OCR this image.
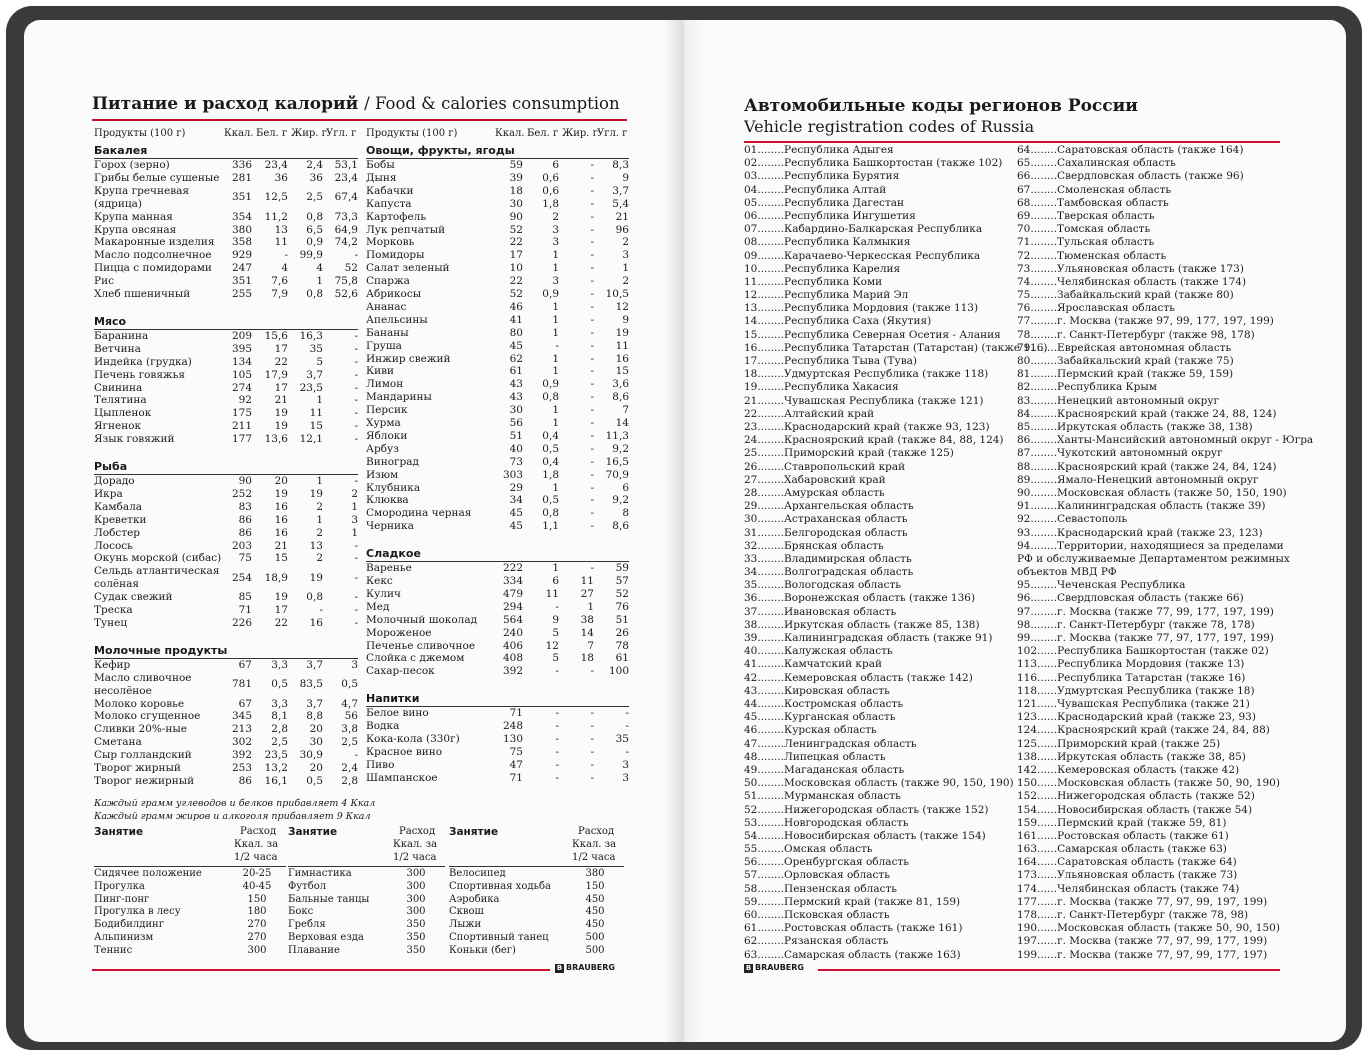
Питание и расход калорий / Food & calories consumption
Продукты (100 г)	Ккал. Бел. г Жир. г Угл. г
Бакалея
Горох (зерно)	336 23,4 2,4 53,1
Грибы белые сушеные 281 36 36 23,4
Крупа гречневая
(ядрица)
351 12,5 2,5 67,4
Крупа манная	354 11,2 0,8 73,3
Крупа овсяная	380 13 6,5 64,9
Макаронные изделия 358 11 0,9 74,2
Масло подсолнечное 929	- 99,9	-
Пицца с помидорами 247	4	4 52
Рис	351 7,6	1 75,8
Хлеб пшеничный	255 7,9 0,8 52,6
Мясо
Баранина	209 15,6 16,3	-
Ветчина	395 17 35	-
Индейка (грудка)	134 22	5	-
Печень говяжья	105 17,9 3,7	-
Свинина	274 17 23,5	-
Телятина	92 21	1	-
Цыпленок	175 19 11	-
Ягненок	211 19 15	-
Язык говяжий	177 13,6 12,1	-
Рыба
Дорадо	90 20	1	-
Икра	252 19 19	2
Камбала	83 16	2	1
Креветки	86 16	1	3
Лобстер	86 16	2	1
Лосось	203 21 13	-
Окунь морской (сибас) 75 15	2	-
Сельдь атлантическая
солёная
254 18,9 19	-
Судак свежий	85 19 0,8	-
Треска	71 17	-	-
Тунец	226 22 16	-
Молочные продукты
Кефир	67 3,3 3,7	3
Масло сливочное
несолёное
781 0,5 83,5 0,5
Молоко коровье	67 3,3 3,7 4,7
Молоко сгущенное	345 8,1 8,8 56
Сливки 20%-ные	213 2,8 20 3,8
Сметана	302 2,5 30 2,5
Сыр голландский	392 23,5 30,9	-
Творог жирный	253 13,2 20 2,4
Творог нежирный	86 16,1 0,5 2,8
Продукты (100 г)	Ккал. Бел. г Жир. г Угл. г
Овощи, фрукты, ягоды
Бобы	59	6	- 8,3
Дыня	39 0,6	-	9
Кабачки	18 0,6	- 3,7
Капуста	30 1,8	- 5,4
Картофель	90	2	- 21
Лук репчатый	52	3	- 96
Морковь	22	3	-	2
Помидоры	17	1	-	3
Салат зеленый	10	1	-	1
Спаржа	22	3	-	2
Абрикосы	52 0,9	- 10,5
Ананас	46	1	- 12
Апельсины	41	1	-	9
Бананы	80	1	- 19
Груша	45	-	- 11
Инжир свежий	62	1	- 16
Киви	61	1	- 15
Лимон	43 0,9	- 3,6
Мандарины	43 0,8	- 8,6
Персик	30	1	-	7
Хурма	56	1	- 14
Яблоки	51 0,4	- 11,3
Арбуз	40 0,5	- 9,2
Виноград	73 0,4	- 16,5
Изюм	303 1,8	- 70,9
Клубника	29	1	-	6
Клюква	34 0,5	- 9,2
Смородина черная	45 0,8	-	8
Черника	45 1,1	- 8,6
Сладкое
Варенье	222	1	- 59
Кекс	334	6 11 57
Кулич	479 11 27 52
Мед	294	-	1 76
Молочный шоколад 564	9 38 51
Мороженое	240	5 14 26
Печенье сливочное	406 12	7 78
Слойка с джемом	408	5 18 61
Сахар-песок	392	-	- 100
Напитки
Белое вино	71	-	-	-
Водка	248	-	-	-
Кока-кола (330г)	130	-	- 35
Красное вино	75	-	-	-
Пиво	47	-	-	3
Шампанское	71	-	-	3
Каждый грамм углеводов и белков прибавляет 4 Ккал
Каждый грамм жиров и алкоголя прибавляет 9 Ккал
Занятие	Расход
Ккал. за
1/2 часа
Сидячее положение	20-25
Прогулка	40-45
Пинг-понг	150
Прогулка в лесу	180
Бодибилдинг	270
Альпинизм	270
Теннис	300
Занятие	Расход
Ккал. за
1/2 часа
Гимнастика	300
Футбол	300
Бальные танцы	300
Бокс	300
Гребля	350
Верховая езда	350
Плавание	350
Занятие	Расход
Ккал. за
1/2 часа
Велосипед	380
Спортивная ходьба	150
Аэробика	450
Сквош	450
Лыжи	450
Спортивный танец	500
Коньки (бег)	500
B BRAUBERG
Автомобильные коды регионов России
Vehicle registration codes of Russia
01........Республика Адыгея
02........Республика Башкортостан (также 102)
03........Республика Бурятия
04........Республика Алтай
05........Республика Дагестан
06........Республика Ингушетия
07........Кабардино-Балкарская Республика
08........Республика Калмыкия
09........Карачаево-Черкесская Республика
10........Республика Карелия
11........Республика Коми
12........Республика Марий Эл
13........Республика Мордовия (также 113)
14........Республика Саха (Якутия)
15........Республика Северная Осетия - Алания
16........Республика Татарстан (Татарстан) (также 116)
17........Республика Тыва (Тува)
18........Удмуртская Республика (также 118)
19........Республика Хакасия
21........Чувашская Республика (также 121)
22........Алтайский край
23........Краснодарский край (также 93, 123)
24........Красноярский край (также 84, 88, 124)
25........Приморский край (также 125)
26........Ставропольский край
27........Хабаровский край
28........Амурская область
29........Архангельская область
30........Астраханская область
31........Белгородская область
32........Брянская область
33........Владимирская область
34........Волгоградская область
35........Вологодская область
36........Воронежская область (также 136)
37........Ивановская область
38........Иркутская область (также 85, 138)
39........Калининградская область (также 91)
40........Калужская область
41........Камчатский край
42........Кемеровская область (также 142)
43........Кировская область
44........Костромская область
45........Курганская область
46........Курская область
47........Ленинградская область
48........Липецкая область
49........Магаданская область
50........Московская область (также 90, 150, 190)
51........Мурманская область
52........Нижегородская область (также 152)
53........Новгородская область
54........Новосибирская область (также 154)
55........Омская область
56........Оренбургская область
57........Орловская область
58........Пензенская область
59........Пермский край (также 81, 159)
60........Псковская область
61........Ростовская область (также 161)
62........Рязанская область
63........Самарская область (также 163)
64........Саратовская область (также 164)
65........Сахалинская область
66........Свердловская область (также 96)
67........Смоленская область
68........Тамбовская область
69........Тверская область
70........Томская область
71........Тульская область
72........Тюменская область
73........Ульяновская область (также 173)
74........Челябинская область (также 174)
75........Забайкальский край (также 80)
76........Ярославская область
77........г. Москва (также 97, 99, 177, 197, 199)
78........г. Санкт-Петербург (также 98, 178)
79........Еврейская автономная область
80........Забайкальский край (также 75)
81........Пермский край (также 59, 159)
82........Республика Крым
83........Ненецкий автономный округ
84........Красноярский край (также 24, 88, 124)
85........Иркутская область (также 38, 138)
86........Ханты-Мансийский автономный округ - Югра
87........Чукотский автономный округ
88........Красноярский край (также 24, 84, 124)
89........Ямало-Ненецкий автономный округ
90........Московская область (также 50, 150, 190)
91........Калининградская область (также 39)
92........Севастополь
93........Краснодарский край (также 23, 123)
94........Территории, находящиеся за пределами
РФ и обслуживаемые Департаментом режимных
объектов МВД РФ
95........Чеченская Республика
96........Свердловская область (также 66)
97........г. Москва (также 77, 99, 177, 197, 199)
98........г. Санкт-Петербург (также 78, 178)
99........г. Москва (также 77, 97, 177, 197, 199)
102......Республика Башкортостан (также 02)
113......Республика Мордовия (также 13)
116......Республика Татарстан (также 16)
118......Удмуртская Республика (также 18)
121......Чувашская Республика (также 21)
123......Краснодарский край (также 23, 93)
124......Красноярский край (также 24, 84, 88)
125......Приморский край (также 25)
138......Иркутская область (также 38, 85)
142......Кемеровская область (также 42)
150......Московская область (также 50, 90, 190)
152......Нижегородская область (также 52)
154......Новосибирская область (также 54)
159......Пермский край (также 59, 81)
161......Ростовская область (также 61)
163......Самарская область (также 63)
164......Саратовская область (также 64)
173......Ульяновская область (также 73)
174......Челябинская область (также 74)
177......г. Москва (также 77, 97, 99, 197, 199)
178......г. Санкт-Петербург (также 78, 98)
190......Московская область (также 50, 90, 150)
197......г. Москва (также 77, 97, 99, 177, 199)
199......г. Москва (также 77, 97, 99, 177, 197)
B BRAUBERG
